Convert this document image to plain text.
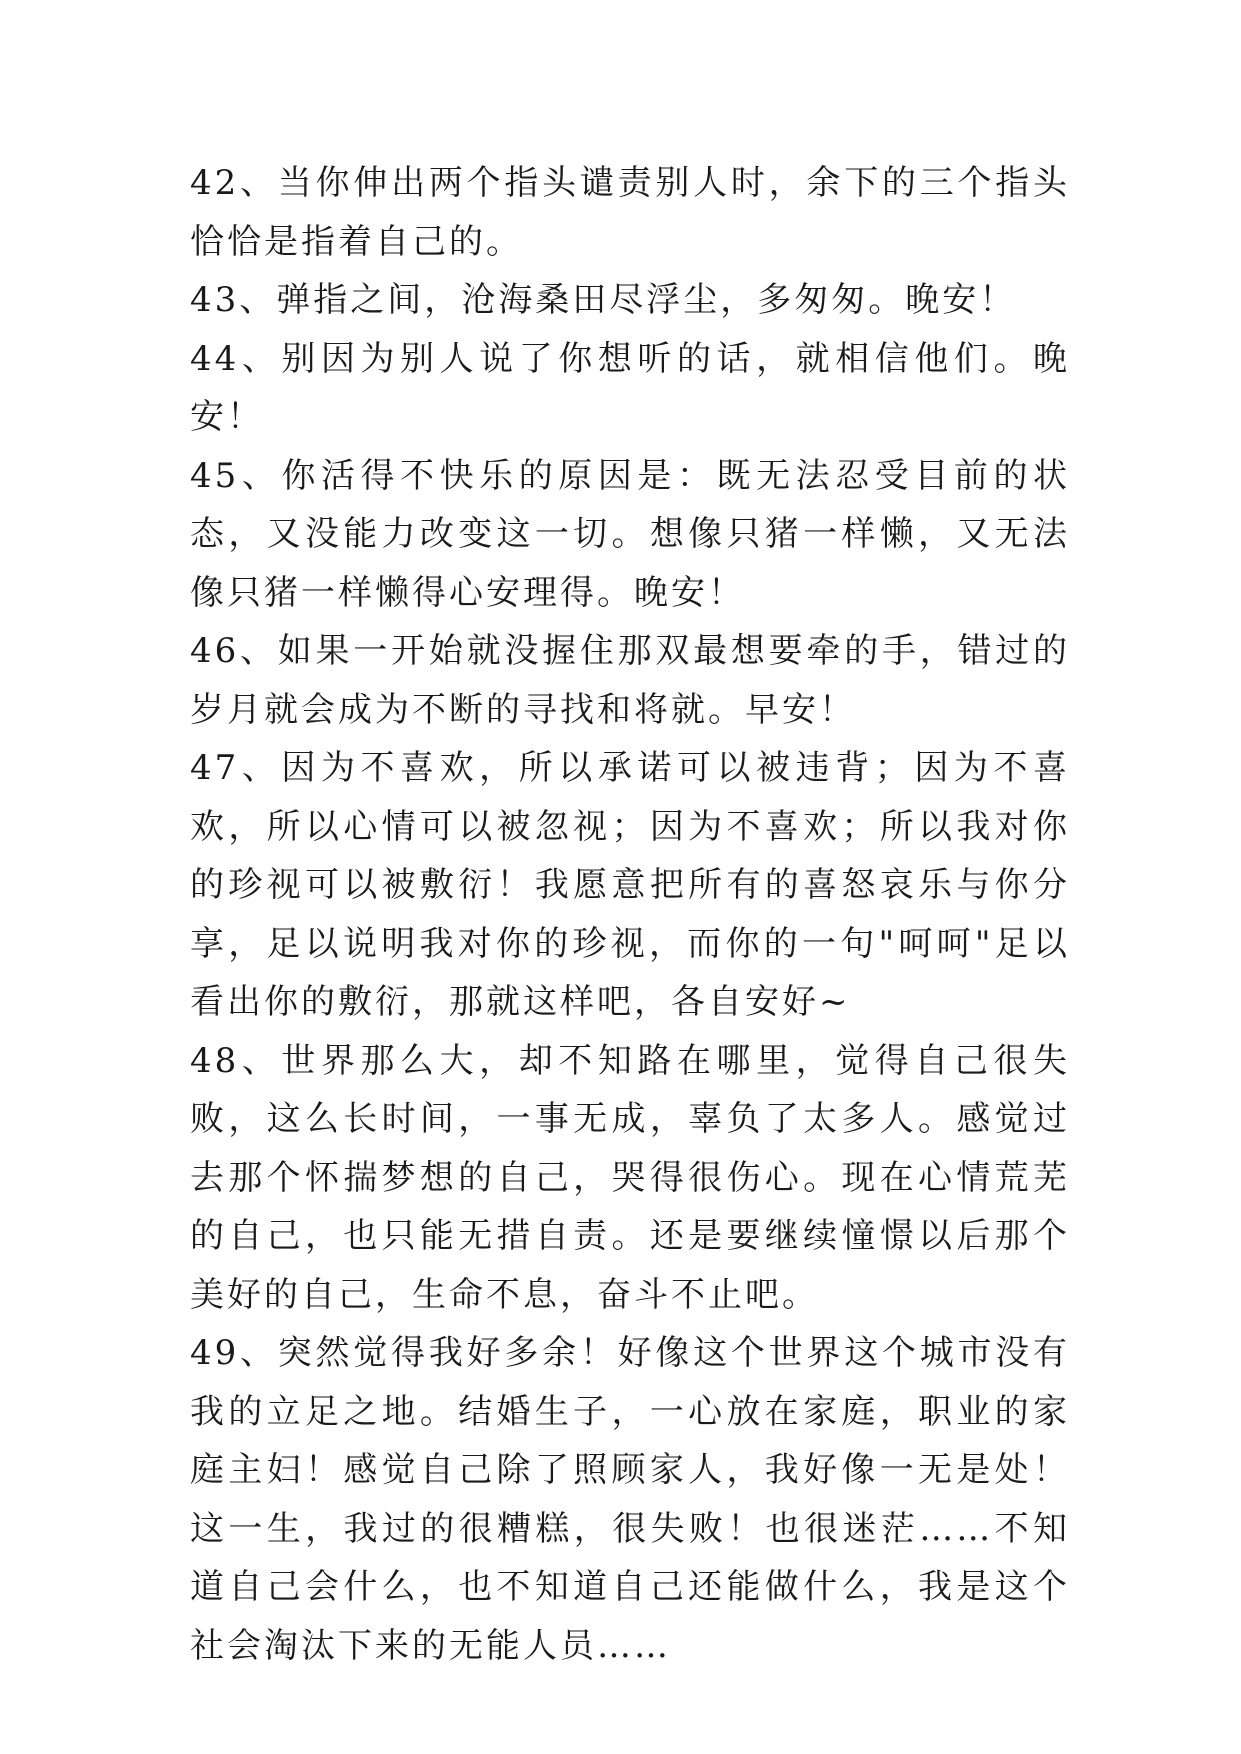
42、当你伸出两个指头谴责别人时，余下的三个指头恰恰是指着自己的。

43、弹指之间，沧海桑田尽浮尘，多匆匆。晚安！

44、别因为别人说了你想听的话，就相信他们。晚安！

45、你活得不快乐的原因是：既无法忍受目前的状态，又没能力改变这一切。想像只猪一样懒，又无法像只猪一样懒得心安理得。晚安！

46、如果一开始就没握住那双最想要牵的手，错过的岁月就会成为不断的寻找和将就。早安！

47、因为不喜欢，所以承诺可以被违背；因为不喜欢，所以心情可以被忽视；因为不喜欢；所以我对你的珍视可以被敷衍！我愿意把所有的喜怒哀乐与你分享，足以说明我对你的珍视，而你的一句"呵呵"足以看出你的敷衍，那就这样吧，各自安好~

48、世界那么大，却不知路在哪里，觉得自己很失败，这么长时间，一事无成，辜负了太多人。感觉过去那个怀揣梦想的自己，哭得很伤心。现在心情荒芜的自己，也只能无措自责。还是要继续憧憬以后那个美好的自己，生命不息，奋斗不止吧。

49、突然觉得我好多余！好像这个世界这个城市没有我的立足之地。结婚生子，一心放在家庭，职业的家庭主妇！感觉自己除了照顾家人，我好像一无是处！这一生，我过的很糟糕，很失败！也很迷茫……不知道自己会什么，也不知道自己还能做什么，我是这个社会淘汰下来的无能人员……
